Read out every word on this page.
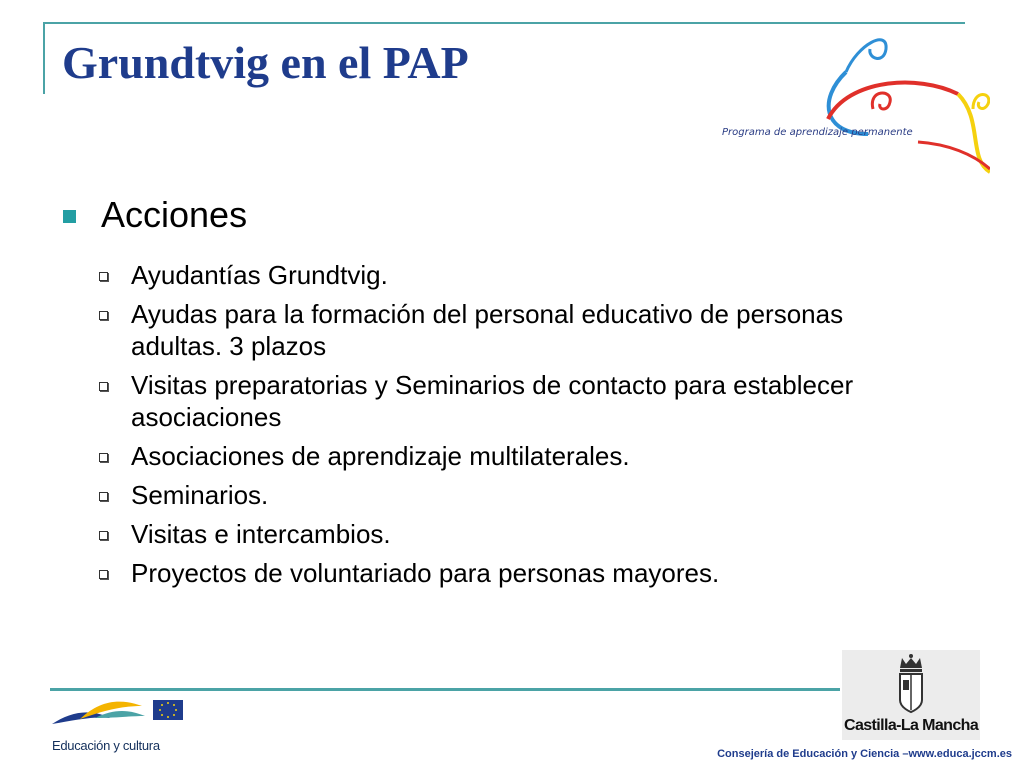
Grundtvig en el PAP
Programa de aprendizaje permanente
Acciones
Ayudantías Grundtvig.
Ayudas para la formación del personal educativo de personas adultas. 3 plazos
Visitas preparatorias y Seminarios de contacto para establecer asociaciones
Asociaciones de aprendizaje multilaterales.
Seminarios.
Visitas e intercambios.
Proyectos de voluntariado para personas mayores.
Educación y cultura
Castilla-La Mancha
Consejería de Educación y Ciencia –www.educa.jccm.es
